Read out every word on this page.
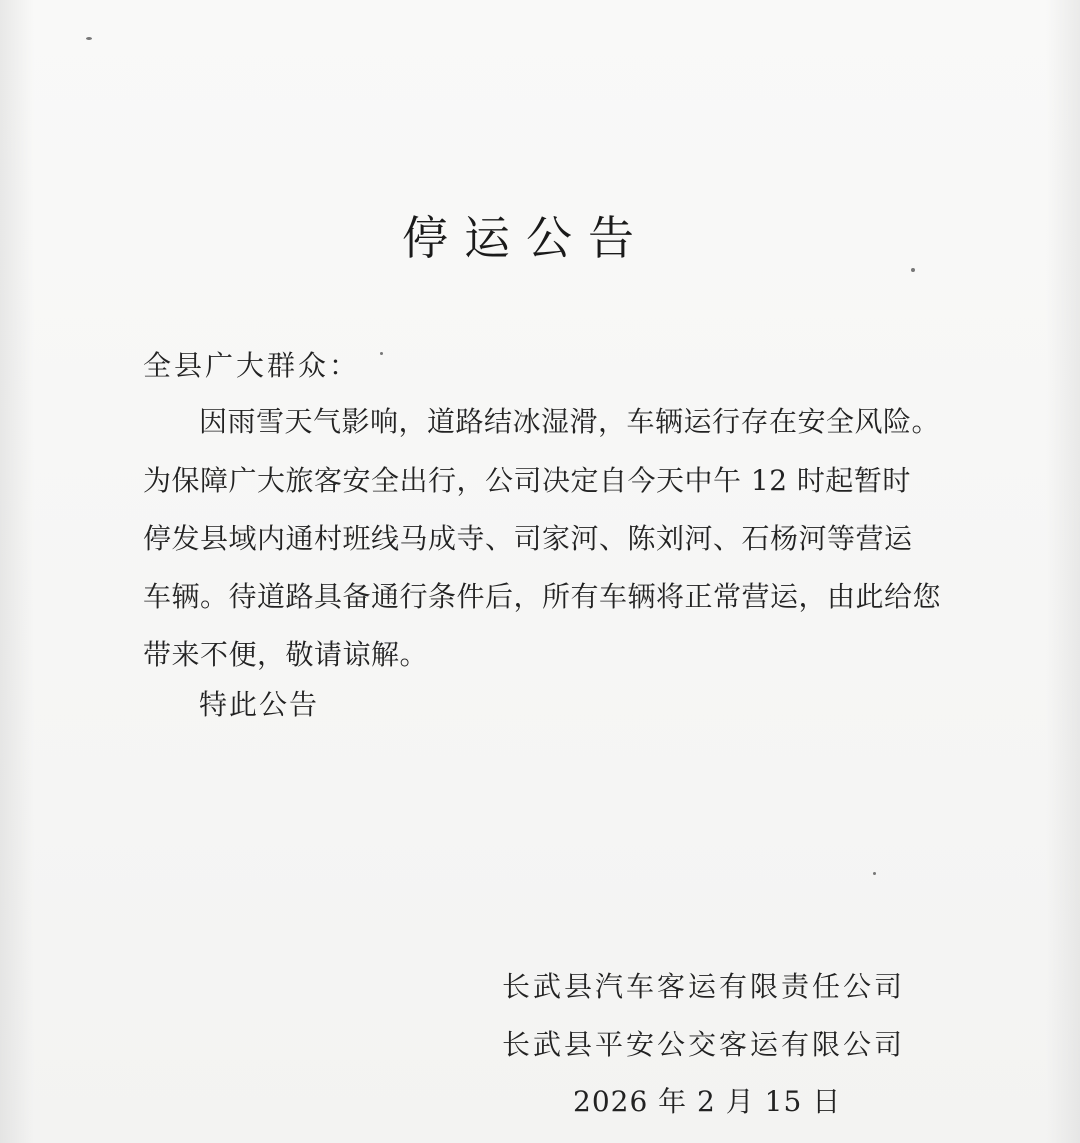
停运公告
全县广大群众：
因雨雪天气影响，道路结冰湿滑，车辆运行存在安全风险。
为保障广大旅客安全出行，公司决定自今天中午 12 时起暂时
停发县域内通村班线马成寺、司家河、陈刘河、石杨河等营运
车辆。待道路具备通行条件后，所有车辆将正常营运，由此给您
带来不便，敬请谅解。
特此公告
长武县汽车客运有限责任公司
长武县平安公交客运有限公司
2026 年 2 月 15 日
